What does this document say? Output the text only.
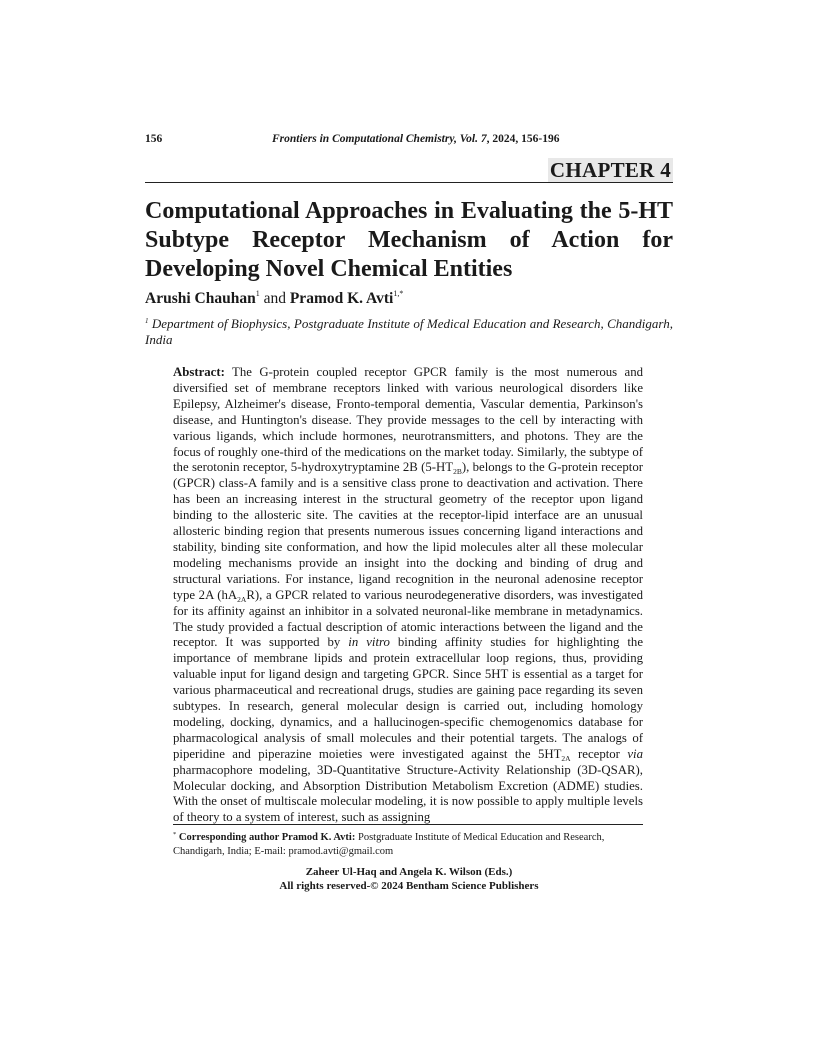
156	Frontiers in Computational Chemistry, Vol. 7, 2024, 156-196
CHAPTER 4
Computational Approaches in Evaluating the 5-HT Subtype Receptor Mechanism of Action for Developing Novel Chemical Entities
Arushi Chauhan$^1$ and Pramod K. Avti$^{1,*}$
$^1$ Department of Biophysics, Postgraduate Institute of Medical Education and Research, Chandigarh, India
Abstract: The G-protein coupled receptor GPCR family is the most numerous and diversified set of membrane receptors linked with various neurological disorders like Epilepsy, Alzheimer's disease, Fronto-temporal dementia, Vascular dementia, Parkinson's disease, and Huntington's disease. They provide messages to the cell by interacting with various ligands, which include hormones, neurotransmitters, and photons. They are the focus of roughly one-third of the medications on the market today. Similarly, the subtype of the serotonin receptor, 5-hydroxytryptamine 2B $(5-HT_{2B})$, belongs to the G-protein receptor (GPCR) class-A family and is a sensitive class prone to deactivation and activation. There has been an increasing interest in the structural geometry of the receptor upon ligand binding to the allosteric site. The cavities at the receptor-lipid interface are an unusual allosteric binding region that presents numerous issues concerning ligand interactions and stability, binding site conformation, and how the lipid molecules alter all these molecular modeling mechanisms provide an insight into the docking and binding of drug and structural variations. For instance, ligand recognition in the neuronal adenosine receptor type 2A $(hA_{2A}R)$, a GPCR related to various neurodegenerative disorders, was investigated for its affinity against an inhibitor in a solvated neuronal-like membrane in metadynamics. The study provided a factual description of atomic interactions between the ligand and the receptor. It was supported by in vitro binding affinity studies for highlighting the importance of membrane lipids and protein extracellular loop regions, thus, providing valuable input for ligand design and targeting GPCR. Since 5HT is essential as a target for various pharmaceutical and recreational drugs, studies are gaining pace regarding its seven subtypes. In research, general molecular design is carried out, including homology modeling, docking, dynamics, and a hallucinogen-specific chemogenomics database for pharmacological analysis of small molecules and their potential targets. The analogs of piperidine and piperazine moieties were investigated against the $5HT_{2A}$ receptor via pharmacophore modeling, 3D-Quantitative Structure-Activity Relationship (3D-QSAR), Molecular docking, and Absorption Distribution Metabolism Excretion (ADME) studies. With the onset of multiscale molecular modeling, it is now possible to apply multiple levels of theory to a system of interest, such as assigning
* Corresponding author Pramod K. Avti: Postgraduate Institute of Medical Education and Research, Chandigarh, India; E-mail: pramod.avti@gmail.com
Zaheer Ul-Haq and Angela K. Wilson (Eds.)
All rights reserved-© 2024 Bentham Science Publishers
